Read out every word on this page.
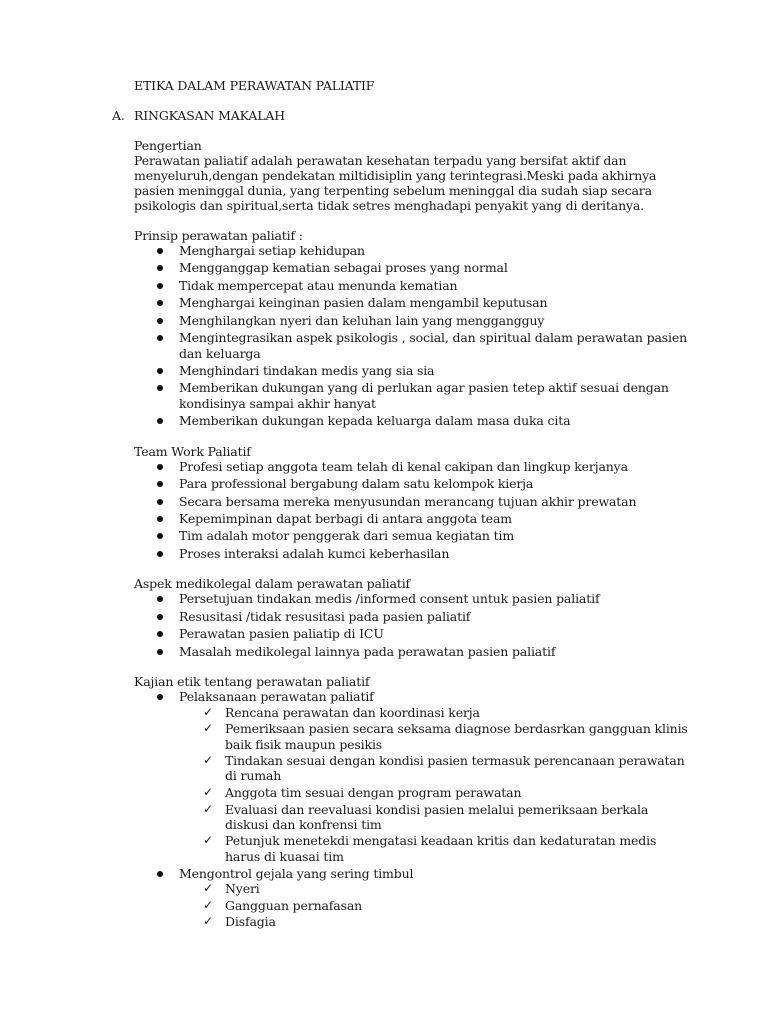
ETIKA DALAM PERAWATAN PALIATIF

A. RINGKASAN MAKALAH

Pengertian

Perawatan paliatif adalah perawatan kesehatan terpadu yang bersifat aktif dan

menyeluruh,dengan pendekatan miltidisiplin yang terintegrasi.Meski pada akhirnya

pasien meninggal dunia, yang terpenting sebelum meninggal dia sudah siap secara

psikologis dan spiritual,serta tidak setres menghadapi penyakit yang di deritanya.

Prinsip perawatan paliatif :

Menghargai setiap kehidupan
Mengganggap kematian sebagai proses yang normal
Tidak mempercepat atau menunda kematian
Menghargai keinginan pasien dalam mengambil keputusan
Menghilangkan nyeri dan keluhan lain yang menggangguy
Mengintegrasikan aspek psikologis , social, dan spiritual dalam perawatan pasien dan keluarga
Menghindari tindakan medis yang sia sia
Memberikan dukungan yang di perlukan agar pasien tetep aktif sesuai dengan kondisinya sampai akhir hanyat
Memberikan dukungan kepada keluarga dalam masa duka cita

Team Work Paliatif

Profesi setiap anggota team telah di kenal cakipan dan lingkup kerjanya
Para professional bergabung dalam satu kelompok kierja
Secara bersama mereka menyusundan merancang tujuan akhir prewatan
Kepemimpinan dapat berbagi di antara anggota team
Tim adalah motor penggerak dari semua kegiatan tim
Proses interaksi adalah kumci keberhasilan

Aspek medikolegal dalam perawatan paliatif

Persetujuan tindakan medis /informed consent untuk pasien paliatif
Resusitasi /tidak resusitasi pada pasien paliatif
Perawatan pasien paliatip di ICU
Masalah medikolegal lainnya pada perawatan pasien paliatif

Kajian etik tentang perawatan paliatif

Pelaksanaan perawatan paliatif
✓ Rencana perawatan dan koordinasi kerja
✓ Pemeriksaan pasien secara seksama diagnose berdasrkan gangguan klinis baik fisik maupun pesikis
✓ Tindakan sesuai dengan kondisi pasien termasuk perencanaan perawatan di rumah
✓ Anggota tim sesuai dengan program perawatan
✓ Evaluasi dan reevaluasi kondisi pasien melalui pemeriksaan berkala diskusi dan konfrensi tim
✓ Petunjuk menetekdi mengatasi keadaan kritis dan kedaturatan medis harus di kuasai tim
Mengontrol gejala yang sering timbul
✓ Nyeri
✓ Gangguan pernafasan
✓ Disfagia
